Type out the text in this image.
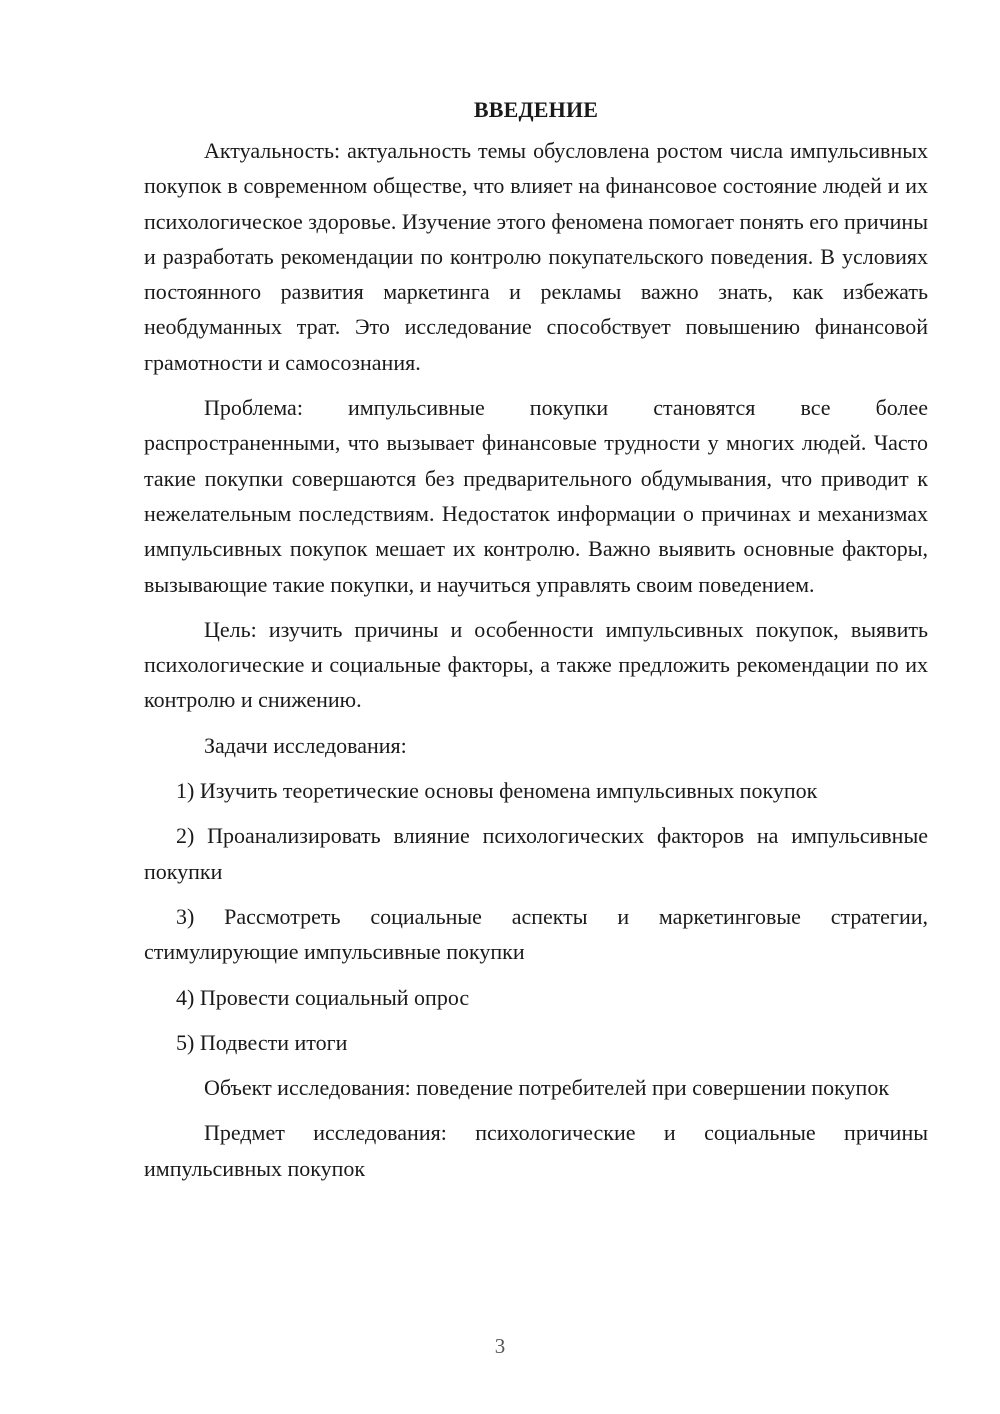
ВВЕДЕНИЕ

Актуальность: актуальность темы обусловлена ростом числа импульсивных покупок в современном обществе, что влияет на финансовое состояние людей и их психологическое здоровье. Изучение этого феномена помогает понять его причины и разработать рекомендации по контролю покупательского поведения. В условиях постоянного развития маркетинга и рекламы важно знать, как избежать необдуманных трат. Это исследование способствует повышению финансовой грамотности и самосознания.

Проблема: импульсивные покупки становятся все более распространенными, что вызывает финансовые трудности у многих людей. Часто такие покупки совершаются без предварительного обдумывания, что приводит к нежелательным последствиям. Недостаток информации о причинах и механизмах импульсивных покупок мешает их контролю. Важно выявить основные факторы, вызывающие такие покупки, и научиться управлять своим поведением.

Цель: изучить причины и особенности импульсивных покупок, выявить психологические и социальные факторы, а также предложить рекомендации по их контролю и снижению.

Задачи исследования:

1) Изучить теоретические основы феномена импульсивных покупок

2) Проанализировать влияние психологических факторов на импульсивные покупки

3) Рассмотреть социальные аспекты и маркетинговые стратегии, стимулирующие импульсивные покупки

4) Провести социальный опрос

5) Подвести итоги

Объект исследования: поведение потребителей при совершении покупок

Предмет исследования: психологические и социальные причины импульсивных покупок

3
